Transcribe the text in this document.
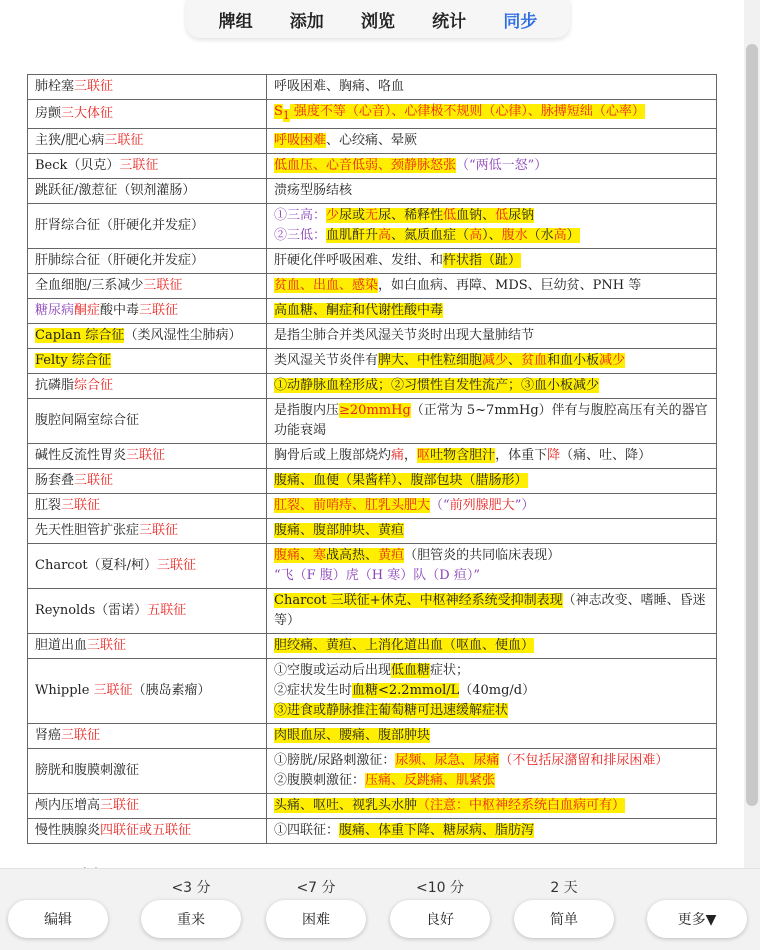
牌组 添加 浏览 统计 同步
肺栓塞三联征	呼吸困难、胸痛、咯血

房颤三大体征	$S_1$ 强度不等（心音）、心律极不规则（心律）、脉搏短绌（心率）

主狭/肥心病三联征	呼吸困难、心绞痛、晕厥

Beck（贝克）三联征	低血压、心音低弱、颈静脉怒张（“两低一怒”）

跳跃征/激惹征（钡剂灌肠）	溃疡型肠结核

肝肾综合征（肝硬化并发症）	①三高：少尿或无尿、稀释性低血钠、低尿钠
②三低：血肌酐升高、氮质血症（高）、腹水（水高）

肝肺综合征（肝硬化并发症）	肝硬化伴呼吸困难、发绀、和杵状指（趾）

全血细胞/三系减少三联征	贫血、出血、感染，如白血病、再障、MDS、巨幼贫、PNH 等

糖尿病酮症酸中毒三联征	高血糖、酮症和代谢性酸中毒

Caplan 综合征（类风湿性尘肺病）	是指尘肺合并类风湿关节炎时出现大量肺结节

Felty 综合征	类风湿关节炎伴有脾大、中性粒细胞减少、贫血和血小板减少

抗磷脂综合征	①动静脉血栓形成；②习惯性自发性流产；③血小板减少

腹腔间隔室综合征	是指腹内压≥20mmHg（正常为 5~7mmHg）伴有与腹腔高压有关的器官功能衰竭

碱性反流性胃炎三联征	胸骨后或上腹部烧灼痛，呕吐物含胆汁，体重下降（痛、吐、降）

肠套叠三联征	腹痛、血便（果酱样）、腹部包块（腊肠形）

肛裂三联征	肛裂、前哨痔、肛乳头肥大（“前列腺肥大”）

先天性胆管扩张症三联征	腹痛、腹部肿块、黄疸

Charcot（夏科/柯）三联征	腹痛、寒战高热、黄疸（胆管炎的共同临床表现）
“飞（F 腹）虎（H 寒）队（D 疸）”

Reynolds（雷诺）五联征	Charcot 三联征+休克、中枢神经系统受抑制表现（神志改变、嗜睡、昏迷等）

胆道出血三联征	胆绞痛、黄疸、上消化道出血（呕血、便血）

Whipple 三联征（胰岛素瘤）	①空腹或运动后出现低血糖症状；
②症状发生时血糖<2.2mmol/L（40mg/d）
③进食或静脉推注葡萄糖可迅速缓解症状

肾癌三联征	肉眼血尿、腰痛、腹部肿块

膀胱和腹膜刺激征	①膀胱/尿路刺激征：尿频、尿急、尿痛（不包括尿潴留和排尿困难）
②腹膜刺激征：压痛、反跳痛、肌紧张

颅内压增高三联征	头痛、呕吐、视乳头水肿（注意：中枢神经系统白血病可有）

慢性胰腺炎四联征或五联征	①四联征：腹痛、体重下降、糖尿病、脂肪泻
编辑
<3 分
重来
<7 分
困难
<10 分
良好
2 天
简单	更多▼
